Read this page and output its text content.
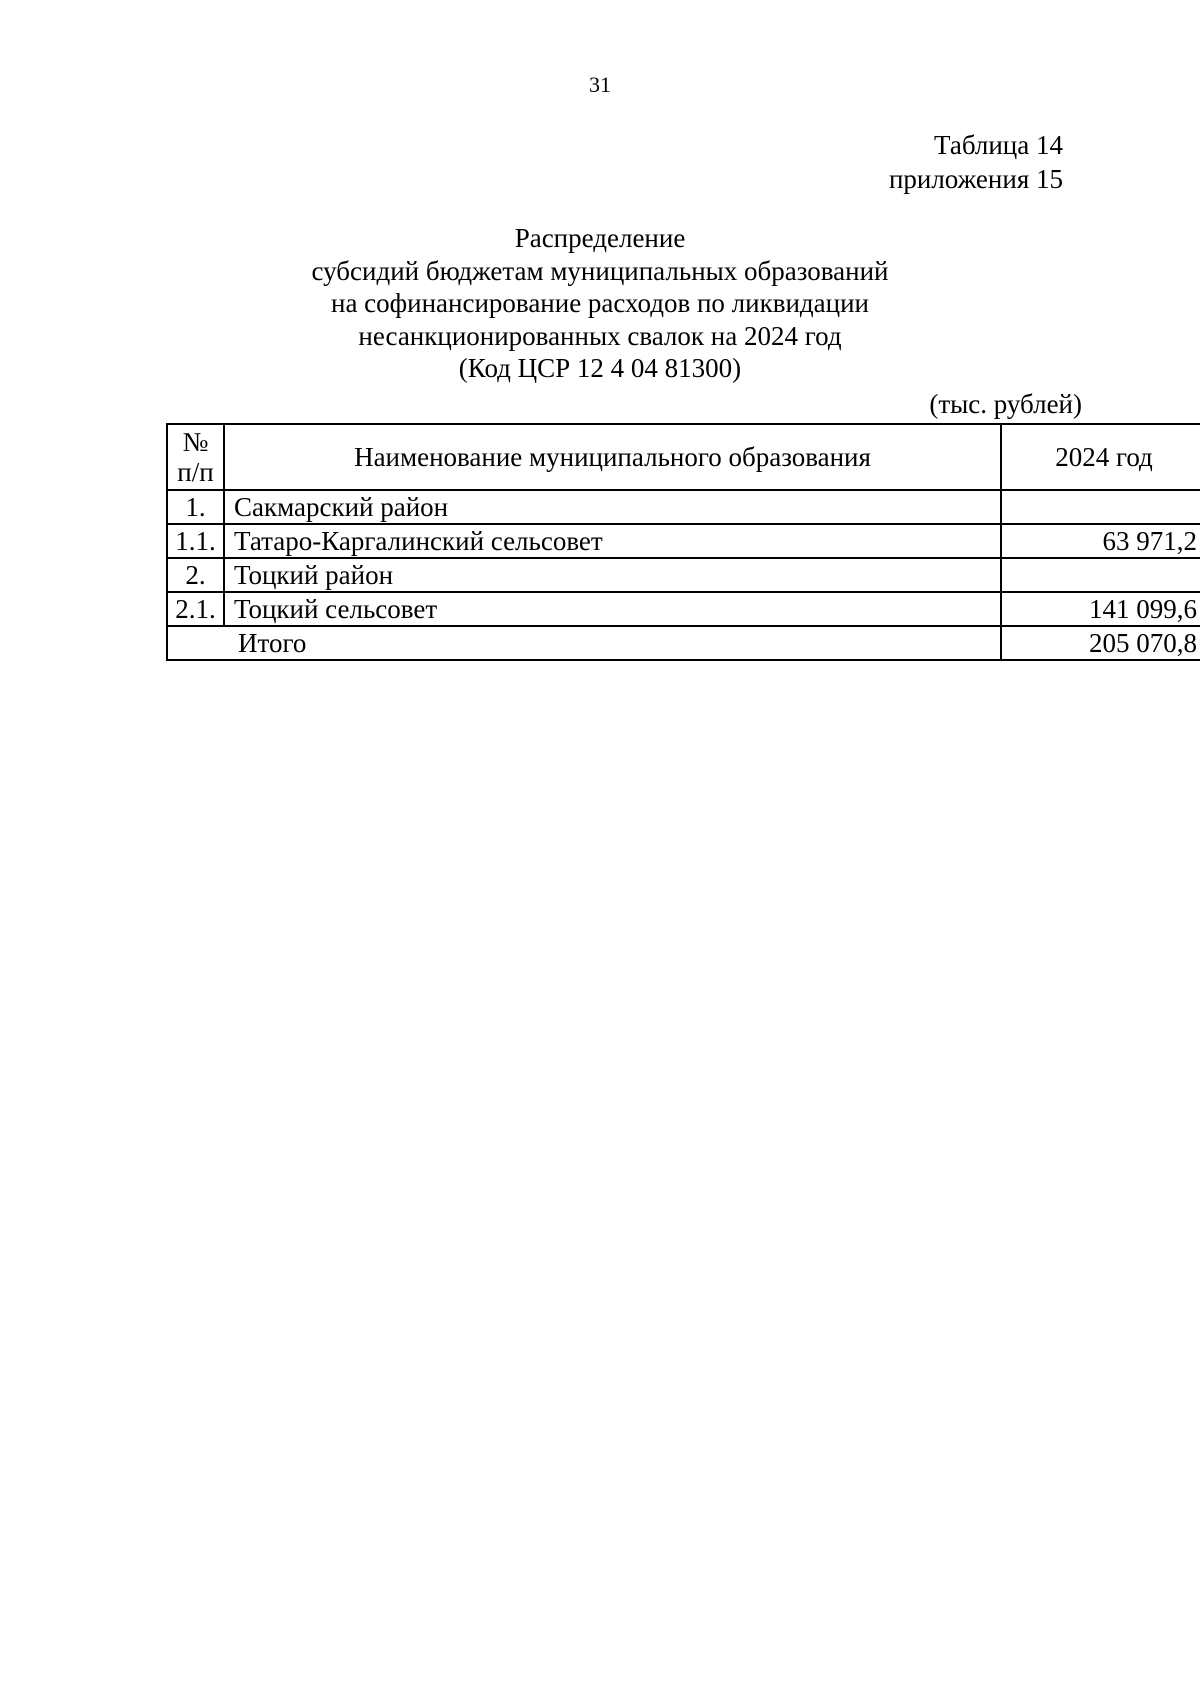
31
Таблица 14
приложения 15
Распределение
субсидий бюджетам муниципальных образований
на софинансирование расходов по ликвидации
несанкционированных свалок на 2024 год
(Код ЦСР 12 4 04 81300)
(тыс. рублей)
№
п/п	Наименование муниципального образования	2024 год
1.	Сакмарский район	
1.1.	Татаро-Каргалинский сельсовет	63 971,2
2.	Тоцкий район	
2.1.	Тоцкий сельсовет	141 099,6
Итого		205 070,8
